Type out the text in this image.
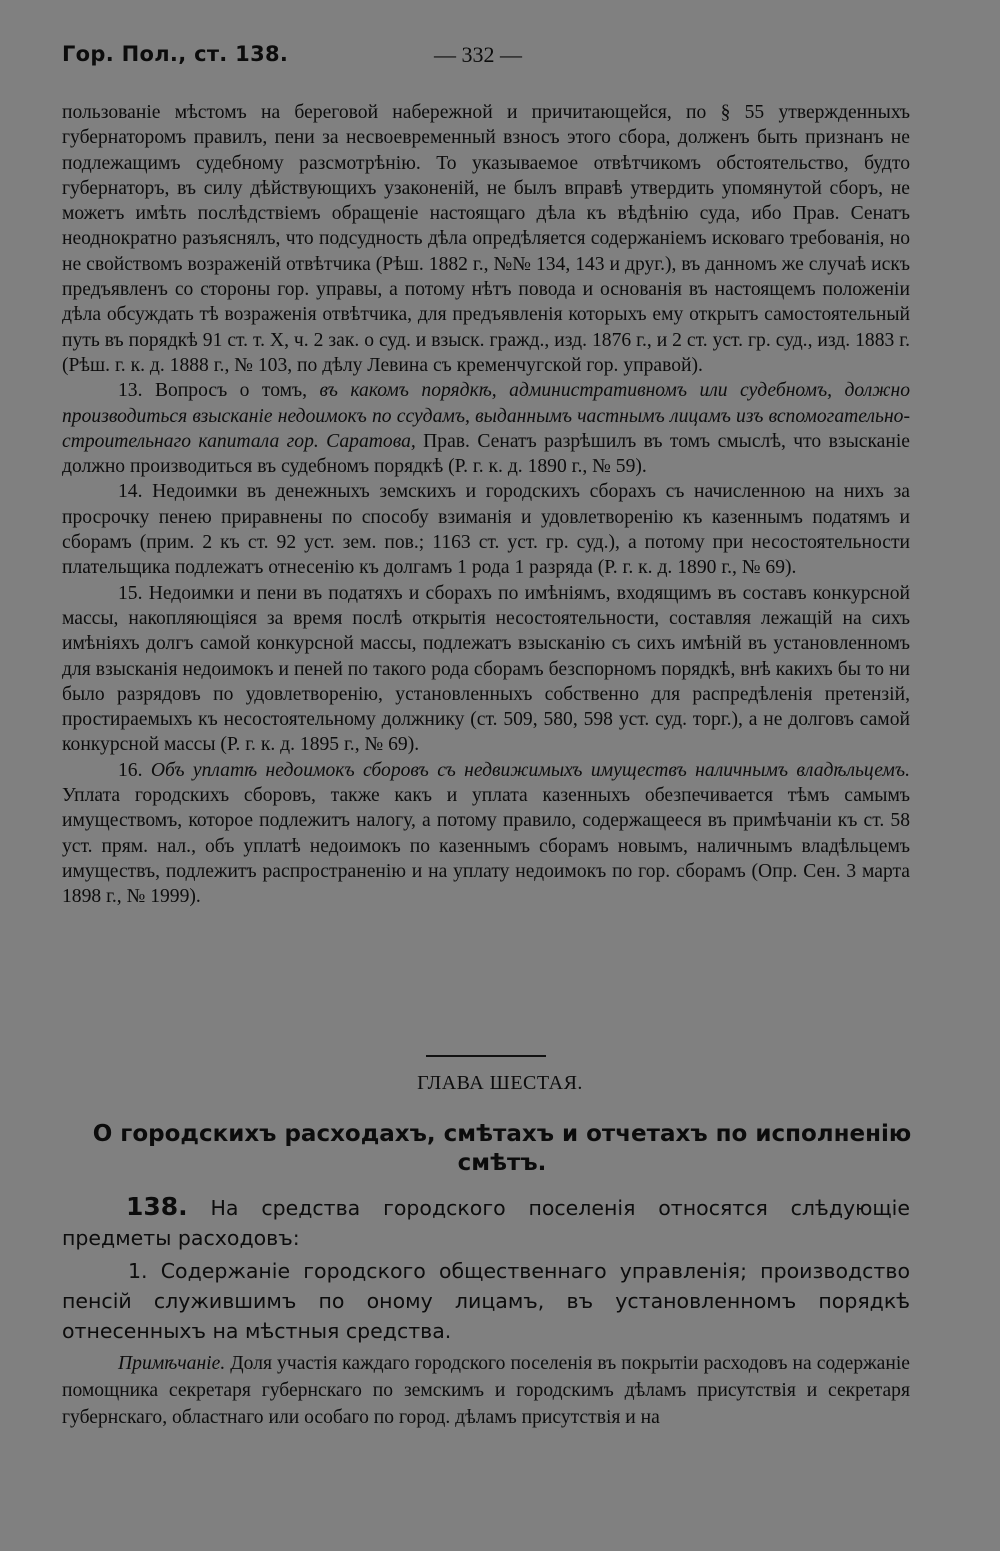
Гор. Пол., ст. 138.	— 332 —

пользованіе мѣстомъ на береговой набережной и причитающейся, по § 55 утвержденныхъ губернаторомъ правилъ, пени за несвоевременный взносъ этого сбора, долженъ быть признанъ не подлежащимъ судебному разсмотрѣнію. То указываемое отвѣтчикомъ обстоятельство, будто губернаторъ, въ силу дѣйствующихъ узаконеній, не былъ вправѣ утвердить упомянутой сборъ, не можетъ имѣть послѣдствіемъ обращеніе настоящаго дѣла къ вѣдѣнію суда, ибо Прав. Сенатъ неоднократно разъяснялъ, что подсудность дѣла опредѣляется содержаніемъ исковаго требованія, но не свойствомъ возраженій отвѣтчика (Рѣш. 1882 г., №№ 134, 143 и друг.), въ данномъ же случаѣ искъ предъявленъ со стороны гор. управы, а потому нѣтъ повода и основанія въ настоящемъ положеніи дѣла обсуждать тѣ возраженія отвѣтчика, для предъявленія которыхъ ему открытъ самостоятельный путь въ порядкѣ 91 ст. т. X, ч. 2 зак. о суд. и взыск. гражд., изд. 1876 г., и 2 ст. уст. гр. суд., изд. 1883 г. (Рѣш. г. к. д. 1888 г., № 103, по дѣлу Левина съ кременчугской гор. управой).

13. Вопросъ о томъ, въ какомъ порядкѣ, административномъ или судебномъ, должно производиться взысканіе недоимокъ по ссудамъ, выданнымъ частнымъ лицамъ изъ вспомогательно-строительнаго капитала гор. Саратова, Прав. Сенатъ разрѣшилъ въ томъ смыслѣ, что взысканіе должно производиться въ судебномъ порядкѣ (Р. г. к. д. 1890 г., № 59).

14. Недоимки въ денежныхъ земскихъ и городскихъ сборахъ съ начисленною на нихъ за просрочку пенею приравнены по способу взиманія и удовлетворенію къ казеннымъ податямъ и сборамъ (прим. 2 къ ст. 92 уст. зем. пов.; 1163 ст. уст. гр. суд.), а потому при несостоятельности плательщика подлежатъ отнесенію къ долгамъ 1 рода 1 разряда (Р. г. к. д. 1890 г., № 69).

15. Недоимки и пени въ податяхъ и сборахъ по имѣніямъ, входящимъ въ составъ конкурсной массы, накопляющіяся за время послѣ открытія несостоятельности, составляя лежащій на сихъ имѣніяхъ долгъ самой конкурсной массы, подлежатъ взысканію съ сихъ имѣній въ установленномъ для взысканія недоимокъ и пеней по такого рода сборамъ безспорномъ порядкѣ, внѣ какихъ бы то ни было разрядовъ по удовлетворенію, установленныхъ собственно для распредѣленія претензій, простираемыхъ къ несостоятельному должнику (ст. 509, 580, 598 уст. суд. торг.), а не долговъ самой конкурсной массы (Р. г. к. д. 1895 г., № 69).

16. Объ уплатѣ недоимокъ сборовъ съ недвижимыхъ имуществъ наличнымъ владѣльцемъ. Уплата городскихъ сборовъ, также какъ и уплата казенныхъ обезпечивается тѣмъ самымъ имуществомъ, которое подлежитъ налогу, а потому правило, содержащееся въ примѣчаніи къ ст. 58 уст. прям. нал., объ уплатѣ недоимокъ по казеннымъ сборамъ новымъ, наличнымъ владѣльцемъ имуществъ, подлежитъ распространенію и на уплату недоимокъ по гор. сборамъ (Опр. Сен. 3 марта 1898 г., № 1999).

ГЛАВА ШЕСТАЯ.
О городскихъ расходахъ, смѣтахъ и отчетахъ по исполненію смѣтъ.
138. На средства городского поселенія относятся слѣдующіе предметы расходовъ:
1. Содержаніе городского общественнаго управленія; производство пенсій служившимъ по оному лицамъ, въ установленномъ порядкѣ отнесенныхъ на мѣстныя средства.
Примѣчаніе. Доля участія каждаго городского поселенія въ покрытіи расходовъ на содержаніе помощника секретаря губернскаго по земскимъ и городскимъ дѣламъ присутствія и секретаря губернскаго, областнаго или особаго по город. дѣламъ присутствія и на
